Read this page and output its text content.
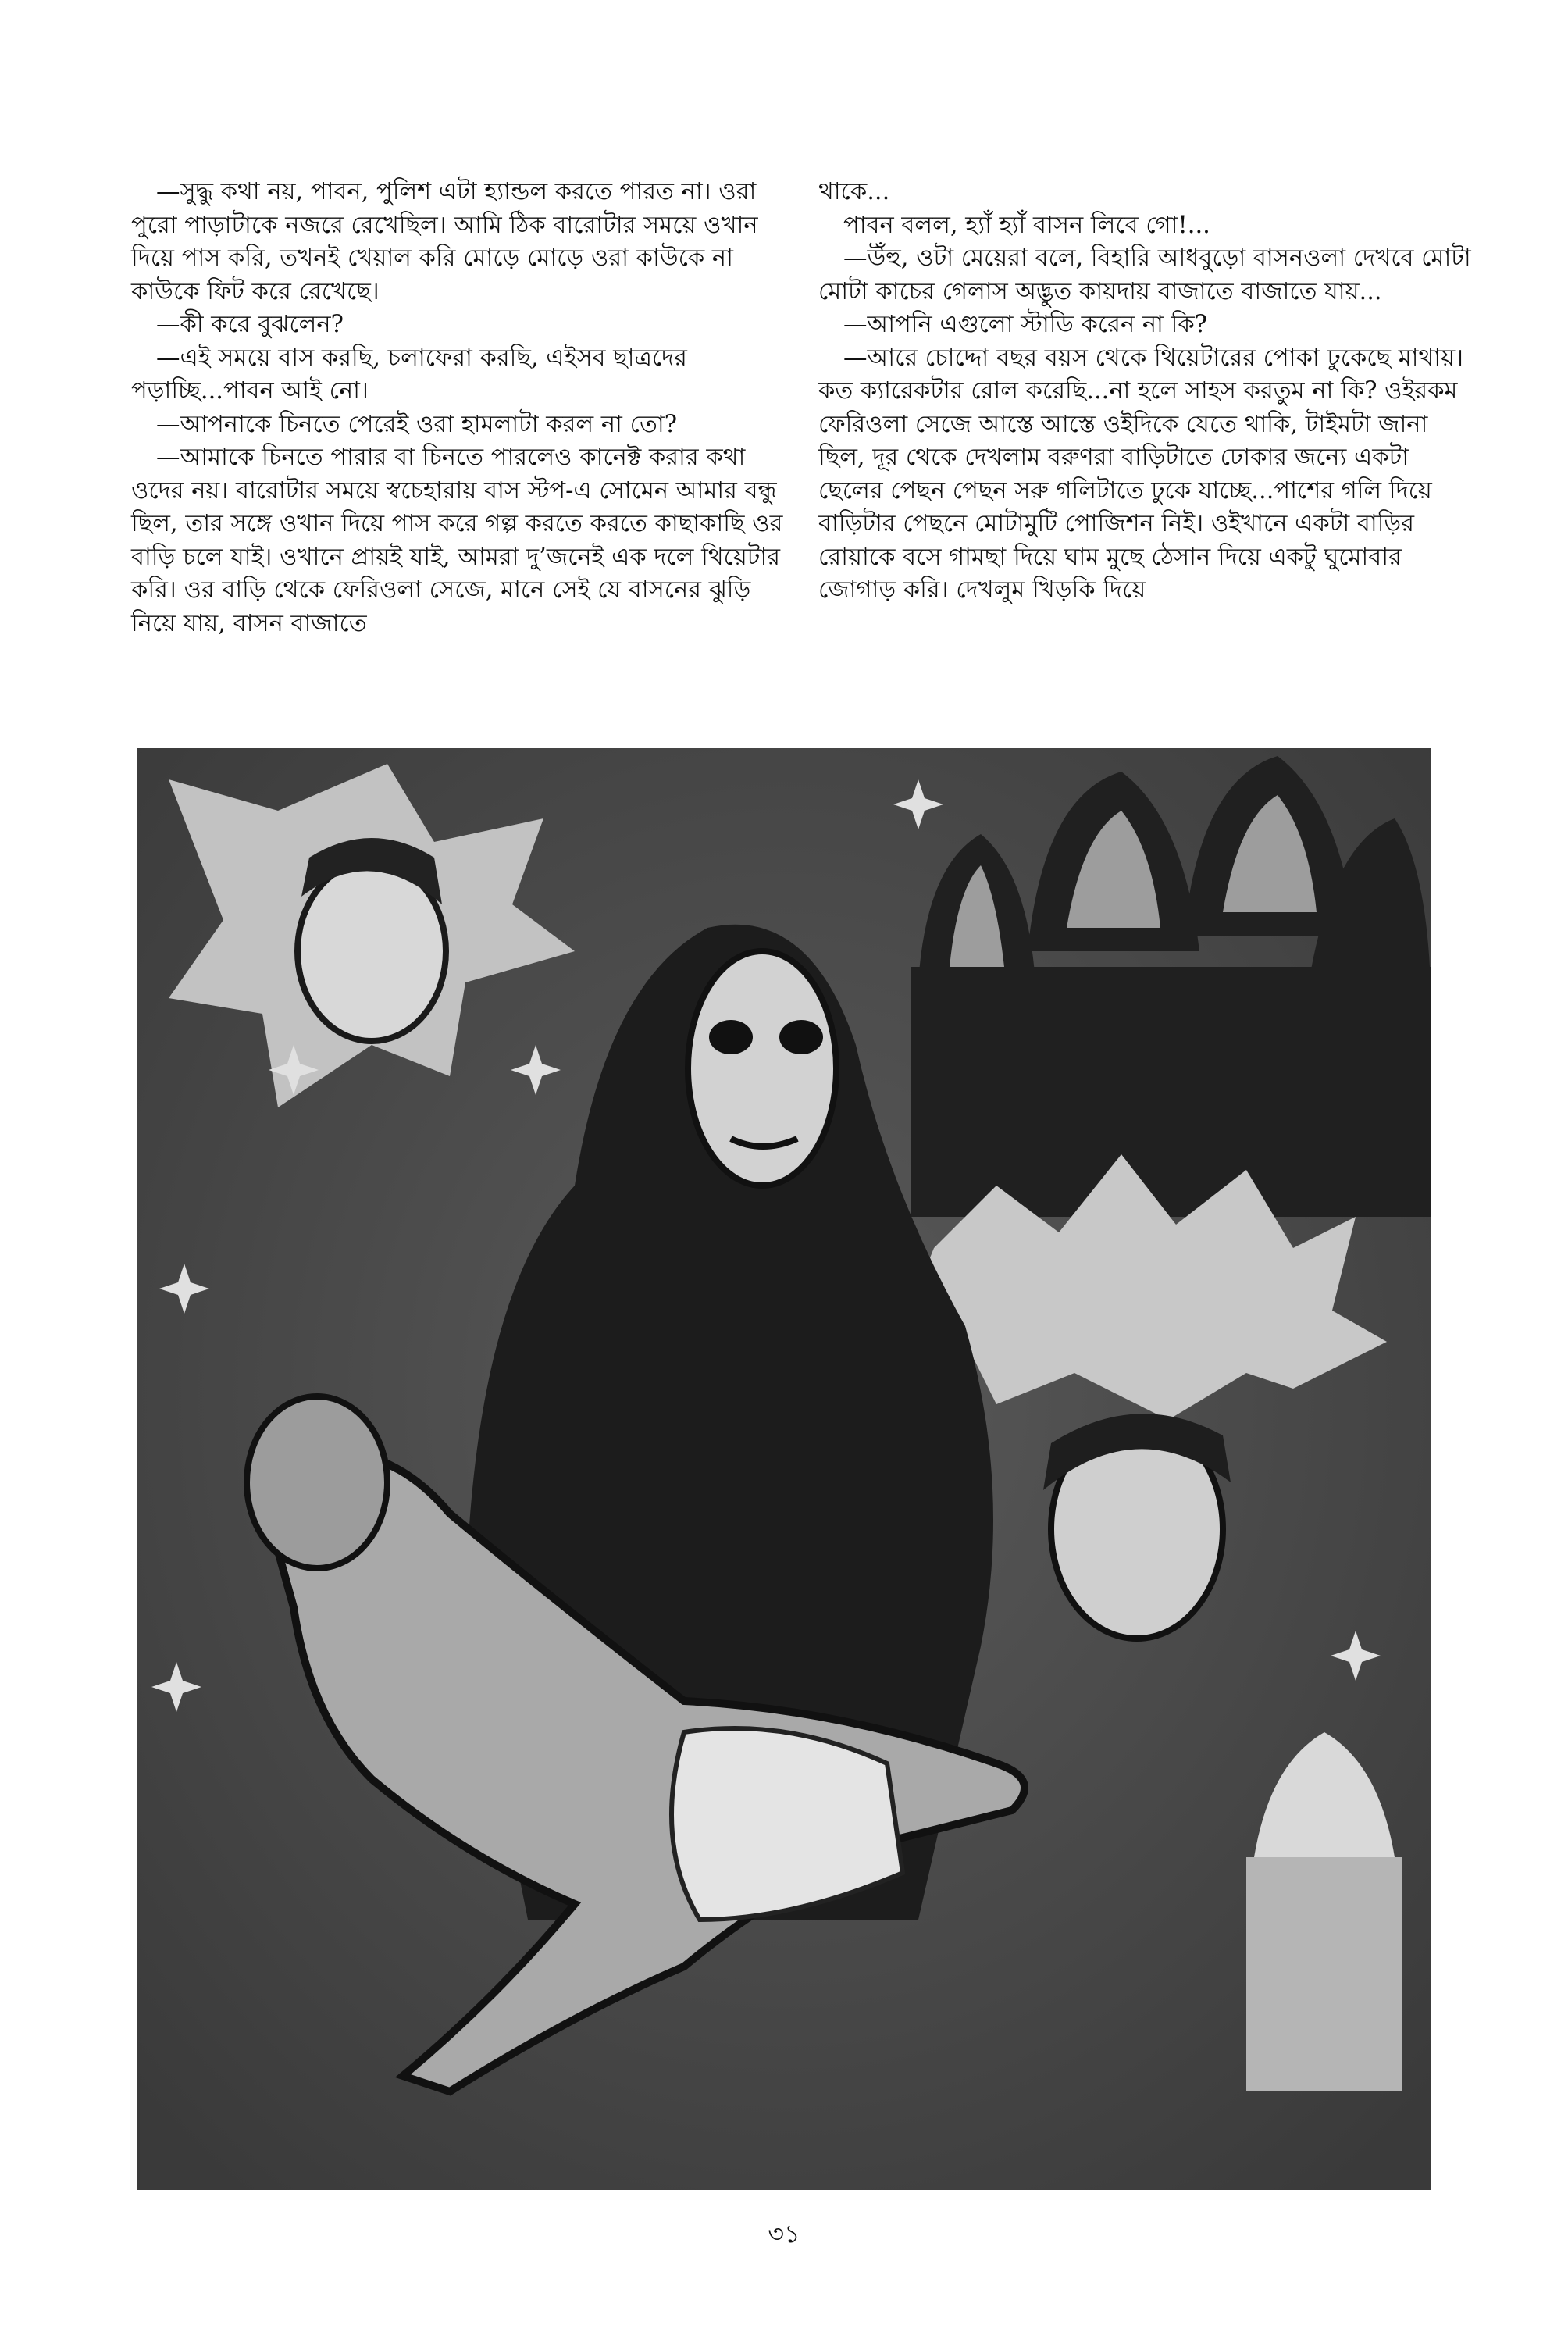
—সুদ্ধু কথা নয়, পাবন, পুলিশ এটা হ্যান্ডল করতে পারত না। ওরা পুরো পাড়াটাকে নজরে রেখেছিল। আমি ঠিক বারোটার সময়ে ওখান দিয়ে পাস করি, তখনই খেয়াল করি মোড়ে মোড়ে ওরা কাউকে না কাউকে ফিট করে রেখেছে।

—কী করে বুঝলেন?

—এই সময়ে বাস করছি, চলাফেরা করছি, এইসব ছাত্রদের পড়াচ্ছি...পাবন আই নো।

—আপনাকে চিনতে পেরেই ওরা হামলাটা করল না তো?

—আমাকে চিনতে পারার বা চিনতে পারলেও কানেক্ট করার কথা ওদের নয়। বারোটার সময়ে স্বচেহারায় বাস স্টপ-এ সোমেন আমার বন্ধু ছিল, তার সঙ্গে ওখান দিয়ে পাস করে গল্প করতে করতে কাছাকাছি ওর বাড়ি চলে যাই। ওখানে প্রায়ই যাই, আমরা দু’জনেই এক দলে থিয়েটার করি। ওর বাড়ি থেকে ফেরিওলা সেজে, মানে সেই যে বাসনের ঝুড়ি নিয়ে যায়, বাসন বাজাতে

থাকে...

পাবন বলল, হ্যাঁ হ্যাঁ বাসন লিবে গো!...

—উঁহু, ওটা মেয়েরা বলে, বিহারি আধবুড়ো বাসনওলা দেখবে মোটা মোটা কাচের গেলাস অদ্ভুত কায়দায় বাজাতে বাজাতে যায়...

—আপনি এগুলো স্টাডি করেন না কি?

—আরে চোদ্দো বছর বয়স থেকে থিয়েটারের পোকা ঢুকেছে মাথায়। কত ক্যারেকটার রোল করেছি...না হলে সাহস করতুম না কি? ওইরকম ফেরিওলা সেজে আস্তে আস্তে ওইদিকে যেতে থাকি, টাইমটা জানা ছিল, দূর থেকে দেখলাম বরুণরা বাড়িটাতে ঢোকার জন্যে একটা ছেলের পেছন পেছন সরু গলিটাতে ঢুকে যাচ্ছে...পাশের গলি দিয়ে বাড়িটার পেছনে মোটামুটি পোজিশন নিই। ওইখানে একটা বাড়ির রোয়াকে বসে গামছা দিয়ে ঘাম মুছে ঠেসান দিয়ে একটু ঘুমোবার জোগাড় করি। দেখলুম খিড়কি দিয়ে

৩১
